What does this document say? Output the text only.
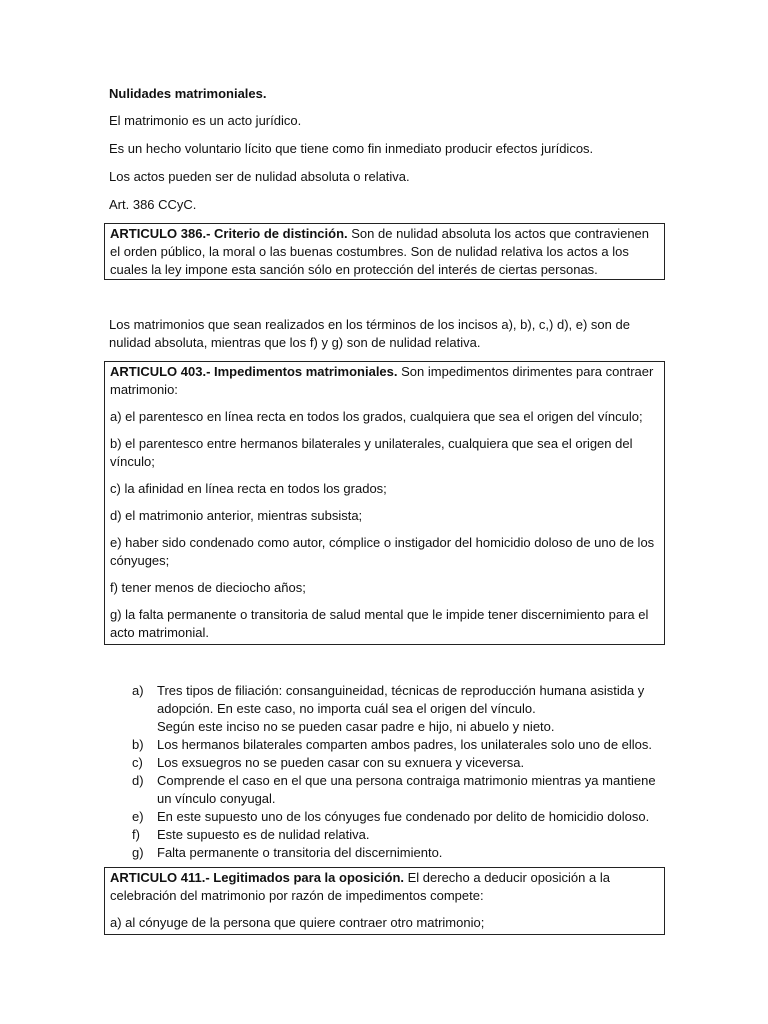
Nulidades matrimoniales.

El matrimonio es un acto jurídico.

Es un hecho voluntario lícito que tiene como fin inmediato producir efectos jurídicos.

Los actos pueden ser de nulidad absoluta o relativa.

Art. 386 CCyC.

ARTICULO 386.- Criterio de distinción. Son de nulidad absoluta los actos que contravienen el orden público, la moral o las buenas costumbres. Son de nulidad relativa los actos a los cuales la ley impone esta sanción sólo en protección del interés de ciertas personas.

Los matrimonios que sean realizados en los términos de los incisos a), b), c,) d), e) son de nulidad absoluta, mientras que los f) y g) son de nulidad relativa.

ARTICULO 403.- Impedimentos matrimoniales. Son impedimentos dirimentes para contraer matrimonio:

a) el parentesco en línea recta en todos los grados, cualquiera que sea el origen del vínculo;

b) el parentesco entre hermanos bilaterales y unilaterales, cualquiera que sea el origen del vínculo;

c) la afinidad en línea recta en todos los grados;

d) el matrimonio anterior, mientras subsista;

e) haber sido condenado como autor, cómplice o instigador del homicidio doloso de uno de los cónyuges;

f) tener menos de dieciocho años;

g) la falta permanente o transitoria de salud mental que le impide tener discernimiento para el acto matrimonial.

a)	Tres tipos de filiación: consanguineidad, técnicas de reproducción humana asistida y adopción. En este caso, no importa cuál sea el origen del vínculo.
Según este inciso no se pueden casar padre e hijo, ni abuelo y nieto.
b)	Los hermanos bilaterales comparten ambos padres, los unilaterales solo uno de ellos.
c)	Los exsuegros no se pueden casar con su exnuera y viceversa.
d)	Comprende el caso en el que una persona contraiga matrimonio mientras ya mantiene un vínculo conyugal.
e)	En este supuesto uno de los cónyuges fue condenado por delito de homicidio doloso.
f)	Este supuesto es de nulidad relativa.
g)	Falta permanente o transitoria del discernimiento.

ARTICULO 411.- Legitimados para la oposición. El derecho a deducir oposición a la celebración del matrimonio por razón de impedimentos compete:

a) al cónyuge de la persona que quiere contraer otro matrimonio;
